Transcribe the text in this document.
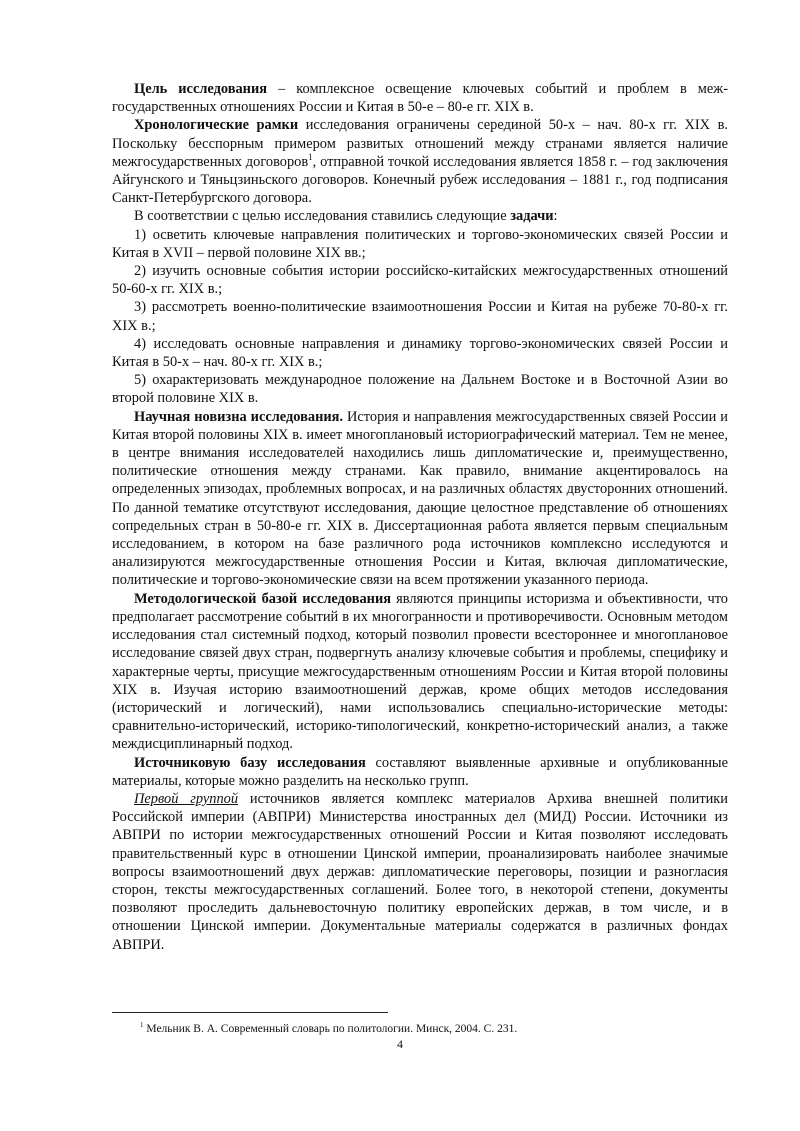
Цель исследования – комплексное освещение ключевых событий и проблем в межгосударственных отношениях России и Китая в 50-е – 80-е гг. XIX в.

Хронологические рамки исследования ограничены серединой 50-х – нач. 80-х гг. XIX в. Поскольку бесспорным примером развитых отношений между странами является наличие межгосударственных договоров$^1$, отправной точкой исследования является 1858 г. – год заключения Айгунского и Тяньцзиньского договоров. Конечный рубеж исследования – 1881 г., год подписания Санкт-Петербургского договора.

В соответствии с целью исследования ставились следующие задачи:

1) осветить ключевые направления политических и торгово-экономических связей России и Китая в XVII – первой половине XIX вв.;

2) изучить основные события истории российско-китайских межгосударственных отношений 50-60-х гг. XIX в.;

3) рассмотреть военно-политические взаимоотношения России и Китая на рубеже 70-80-х гг. XIX в.;

4) исследовать основные направления и динамику торгово-экономических связей России и Китая в 50-х – нач. 80-х гг. XIX в.;

5) охарактеризовать международное положение на Дальнем Востоке и в Восточной Азии во второй половине XIX в.

Научная новизна исследования. История и направления межгосударственных связей России и Китая второй половины XIX в. имеет многоплановый историографический материал. Тем не менее, в центре внимания исследователей находились лишь дипломатические и, преимущественно, политические отношения между странами. Как правило, внимание акцентировалось на определенных эпизодах, проблемных вопросах, и на различных областях двусторонних отношений. По данной тематике отсутствуют исследования, дающие целостное представление об отношениях сопредельных стран в 50-80-е гг. XIX в. Диссертационная работа является первым специальным исследованием, в котором на базе различного рода источников комплексно исследуются и анализируются межгосударственные отношения России и Китая, включая дипломатические, политические и торгово-экономические связи на всем протяжении указанного периода.

Методологической базой исследования являются принципы историзма и объективности, что предполагает рассмотрение событий в их многогранности и противоречивости. Основным методом исследования стал системный подход, который позволил провести всестороннее и многоплановое исследование связей двух стран, подвергнуть анализу ключевые события и проблемы, специфику и характерные черты, присущие межгосударственным отношениям России и Китая второй половины XIX в. Изучая историю взаимоотношений держав, кроме общих методов исследования (исторический и логический), нами использовались специально-исторические методы: сравнительно-исторический, историко-типологический, конкретно-исторический анализ, а также междисциплинарный подход.

Источниковую базу исследования составляют выявленные архивные и опубликованные материалы, которые можно разделить на несколько групп.

Первой группой источников является комплекс материалов Архива внешней политики Российской империи (АВПРИ) Министерства иностранных дел (МИД) России. Источники из АВПРИ по истории межгосударственных отношений России и Китая позволяют исследовать правительственный курс в отношении Цинской империи, проанализировать наиболее значимые вопросы взаимоотношений двух держав: дипломатические переговоры, позиции и разногласия сторон, тексты межгосударственных соглашений. Более того, в некоторой степени, документы позволяют проследить дальневосточную политику европейских держав, в том числе, и в отношении Цинской империи. Документальные материалы содержатся в различных фондах АВПРИ.

$^1$ Мельник В. А. Современный словарь по политологии. Минск, 2004. С. 231.

4
